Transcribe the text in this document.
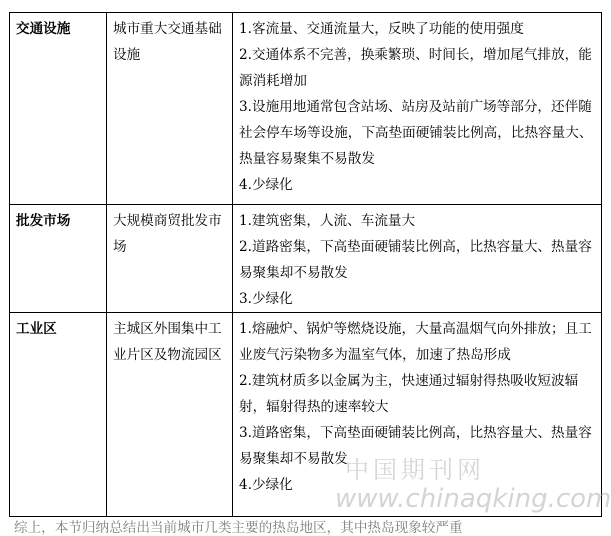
交通设施	城市重大交通基础设施	1.客流量、交通流量大，反映了功能的使用强度
2.交通体系不完善，换乘繁琐、时间长，增加尾气排放，能源消耗增加
3.设施用地通常包含站场、站房及站前广场等部分，还伴随社会停车场等设施，下高垫面硬铺装比例高，比热容量大、热量容易聚集不易散发
4.少绿化

批发市场	大规模商贸批发市场	1.建筑密集，人流、车流量大
2.道路密集，下高垫面硬铺装比例高，比热容量大、热量容易聚集却不易散发
3.少绿化

工业区	主城区外围集中工业片区及物流园区	1.熔融炉、锅炉等燃烧设施，大量高温烟气向外排放；且工业废气污染物多为温室气体，加速了热岛形成
2.建筑材质多以金属为主，快速通过辐射得热吸收短波辐射，辐射得热的速率较大
3.道路密集，下高垫面硬铺装比例高，比热容量大、热量容易聚集却不易散发
4.少绿化
中国期刊网
www.chinaqking.com
综上，本节归纳总结出当前城市几类主要的热岛地区，其中热岛现象较严重
